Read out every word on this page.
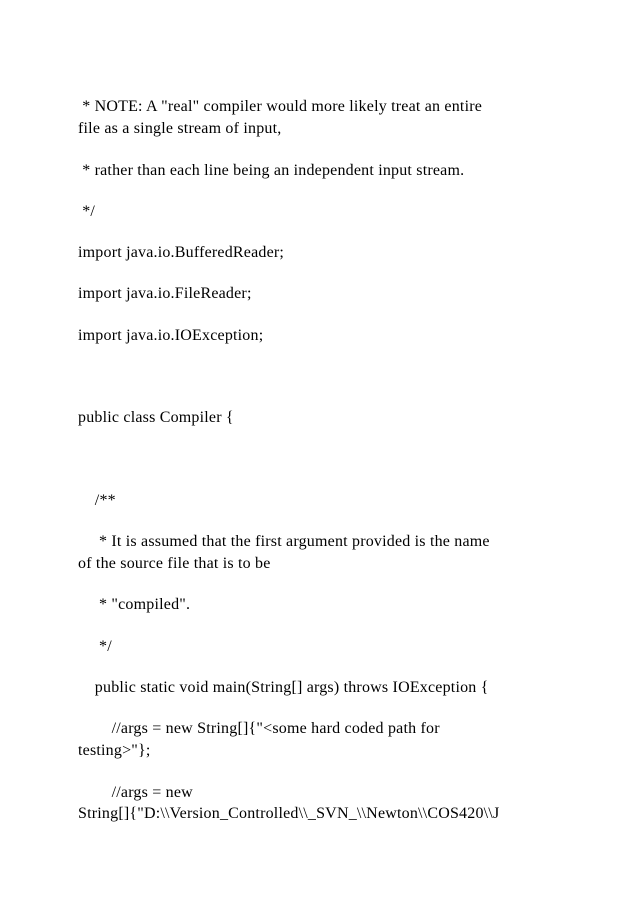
* NOTE: A "real" compiler would more likely treat an entire

file as a single stream of input,

* rather than each line being an independent input stream.

*/

import java.io.BufferedReader;

import java.io.FileReader;

import java.io.IOException;

public class Compiler {

/**

* It is assumed that the first argument provided is the name

of the source file that is to be

* "compiled".

*/

public static void main(String[] args) throws IOException {

//args = new String[]{"<some hard coded path for

testing>"};

//args = new

String[]{"D:\\Version_Controlled\\_SVN_\\Newton\\COS420\\J
